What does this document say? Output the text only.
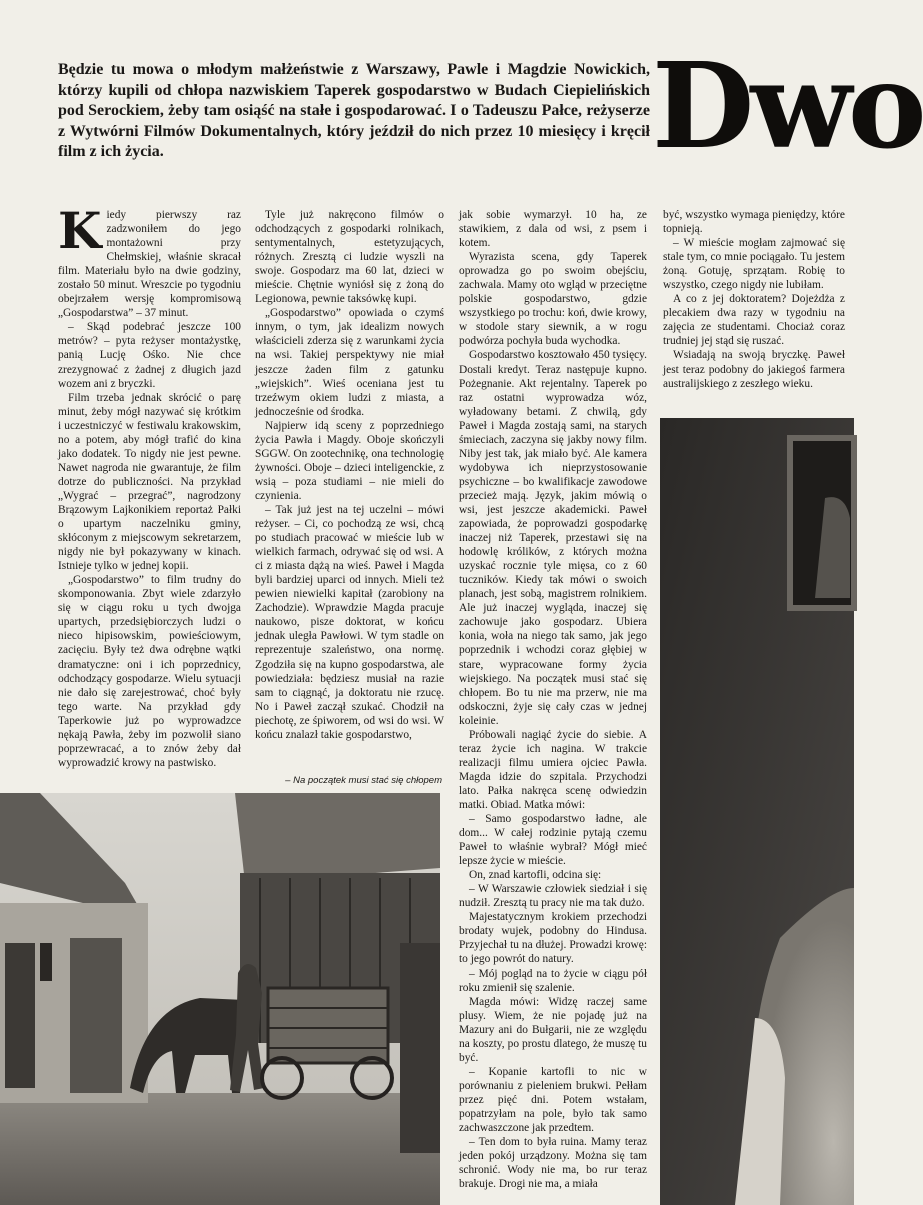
Będzie tu mowa o młodym małżeństwie z Warszawy, Pawle i Magdzie Nowickich, którzy kupili od chłopa nazwiskiem Taperek gospodarstwo w Budach Ciepielińskich pod Serockiem, żeby tam osiąść na stałe i gospodarować. I o Tadeuszu Pałce, reżyserze z Wytwórni Filmów Dokumentalnych, który jeździł do nich przez 10 miesięcy i kręcił film z ich życia.	Dwo
K iedy pierwszy raz zadzwoniłem do jego montażowni przy Chełmskiej, właśnie skracał film. Materiału było na dwie godziny, zostało 50 minut. Wreszcie po tygodniu obejrzałem wersję kompromisową „Gospodarstwa” – 37 minut.

– Skąd podebrać jeszcze 100 metrów? – pyta reżyser montażystkę, panią Lucję Ośko. Nie chce zrezygnować z żadnej z długich jazd wozem ani z bryczki.

Film trzeba jednak skrócić o parę minut, żeby mógł nazywać się krótkim i uczestniczyć w festiwalu krakowskim, no a potem, aby mógł trafić do kina jako dodatek. To nigdy nie jest pewne. Nawet nagroda nie gwarantuje, że film dotrze do publiczności. Na przykład „Wygrać – przegrać”, nagrodzony Brązowym Lajkonikiem reportaż Pałki o upartym naczelniku gminy, skłóconym z miejscowym sekretarzem, nigdy nie był pokazywany w kinach. Istnieje tylko w jednej kopii.

„Gospodarstwo” to film trudny do skomponowania. Zbyt wiele zdarzyło się w ciągu roku u tych dwojga upartych, przedsiębiorczych ludzi o nieco hipisowskim, powieściowym, zacięciu. Były też dwa odrębne wątki dramatyczne: oni i ich poprzednicy, odchodzący gospodarze. Wielu sytuacji nie dało się zarejestrować, choć były tego warte. Na przykład gdy Taperkowie już po wyprowadzce nękają Pawła, żeby im pozwolił siano poprzewracać, a to znów żeby dał wyprowadzić krowy na pastwisko.

Tyle już nakręcono filmów o odchodzących z gospodarki rolnikach, sentymentalnych, estetyzujących, różnych. Zresztą ci ludzie wyszli na swoje. Gospodarz ma 60 lat, dzieci w mieście. Chętnie wyniósł się z żoną do Legionowa, pewnie taksówkę kupi.

„Gospodarstwo” opowiada o czymś innym, o tym, jak idealizm nowych właścicieli zderza się z warunkami życia na wsi. Takiej perspektywy nie miał jeszcze żaden film z gatunku „wiejskich”. Wieś oceniana jest tu trzeźwym okiem ludzi z miasta, a jednocześnie od środka.

Najpierw idą sceny z poprzedniego życia Pawła i Magdy. Oboje skończyli SGGW. On zootechnikę, ona technologię żywności. Oboje – dzieci inteligenckie, z wsią – poza studiami – nie mieli do czynienia.

– Tak już jest na tej uczelni – mówi reżyser. – Ci, co pochodzą ze wsi, chcą po studiach pracować w mieście lub w wielkich farmach, odrywać się od wsi. A ci z miasta dążą na wieś. Paweł i Magda byli bardziej uparci od innych. Mieli też pewien niewielki kapitał (zarobiony na Zachodzie). Wprawdzie Magda pracuje naukowo, pisze doktorat, w końcu jednak uległa Pawłowi. W tym stadle on reprezentuje szaleństwo, ona normę. Zgodziła się na kupno gospodarstwa, ale powiedziała: będziesz musiał na razie sam to ciągnąć, ja doktoratu nie rzucę. No i Paweł zaczął szukać. Chodził na piechotę, ze śpiworem, od wsi do wsi. W końcu znalazł takie gospodarstwo,

jak sobie wymarzył. 10 ha, ze stawikiem, z dala od wsi, z psem i kotem.

Wyrazista scena, gdy Taperek oprowadza go po swoim obejściu, zachwala. Mamy oto wgląd w przeciętne polskie gospodarstwo, gdzie wszystkiego po trochu: koń, dwie krowy, w stodole stary siewnik, a w rogu podwórza pochyła buda wychodka.

Gospodarstwo kosztowało 450 tysięcy. Dostali kredyt. Teraz następuje kupno. Pożegnanie. Akt rejentalny. Taperek po raz ostatni wyprowadza wóz, wyładowany betami. Z chwilą, gdy Paweł i Magda zostają sami, na starych śmieciach, zaczyna się jakby nowy film. Niby jest tak, jak miało być. Ale kamera wydobywa ich nieprzystosowanie psychiczne – bo kwalifikacje zawodowe przecież mają. Język, jakim mówią o wsi, jest jeszcze akademicki. Paweł zapowiada, że poprowadzi gospodarkę inaczej niż Taperek, przestawi się na hodowlę królików, z których można uzyskać rocznie tyle mięsa, co z 60 tuczników. Kiedy tak mówi o swoich planach, jest sobą, magistrem rolnikiem. Ale już inaczej wygląda, inaczej się zachowuje jako gospodarz. Ubiera konia, woła na niego tak samo, jak jego poprzednik i wchodzi coraz głębiej w stare, wypracowane formy życia wiejskiego. Na początek musi stać się chłopem. Bo tu nie ma przerw, nie ma odskoczni, żyje się cały czas w jednej koleinie.

Próbowali nagiąć życie do siebie. A teraz życie ich nagina. W trakcie realizacji filmu umiera ojciec Pawła. Magda idzie do szpitala. Przychodzi lato. Pałka nakręca scenę odwiedzin matki. Obiad. Matka mówi:

– Samo gospodarstwo ładne, ale dom... W całej rodzinie pytają czemu Paweł to właśnie wybrał? Mógł mieć lepsze życie w mieście.

On, znad kartofli, odcina się:

– W Warszawie człowiek siedział i się nudził. Zresztą tu pracy nie ma tak dużo.

Majestatycznym krokiem przechodzi brodaty wujek, podobny do Hindusa. Przyjechał tu na dłużej. Prowadzi krowę: to jego powrót do natury.

– Mój pogląd na to życie w ciągu pół roku zmienił się szalenie.

Magda mówi: Widzę raczej same plusy. Wiem, że nie pojadę już na Mazury ani do Bułgarii, nie ze względu na koszty, po prostu dlatego, że muszę tu być.

– Kopanie kartofli to nic w porównaniu z pieleniem brukwi. Pełłam przez pięć dni. Potem wstałam, popatrzyłam na pole, było tak samo zachwaszczone jak przedtem.

– Ten dom to była ruina. Mamy teraz jeden pokój urządzony. Można się tam schronić. Wody nie ma, bo rur teraz brakuje. Drogi nie ma, a miała

być, wszystko wymaga pieniędzy, które topnieją.

– W mieście mogłam zajmować się stale tym, co mnie pociągało. Tu jestem żoną. Gotuję, sprzątam. Robię to wszystko, czego nigdy nie lubiłam.

A co z jej doktoratem? Dojeżdża z plecakiem dwa razy w tygodniu na zajęcia ze studentami. Chociaż coraz trudniej jej stąd się ruszać.

Wsiadają na swoją bryczkę. Paweł jest teraz podobny do jakiegoś farmera australijskiego z zeszłego wieku.

– Na początek musi stać się chłopem
